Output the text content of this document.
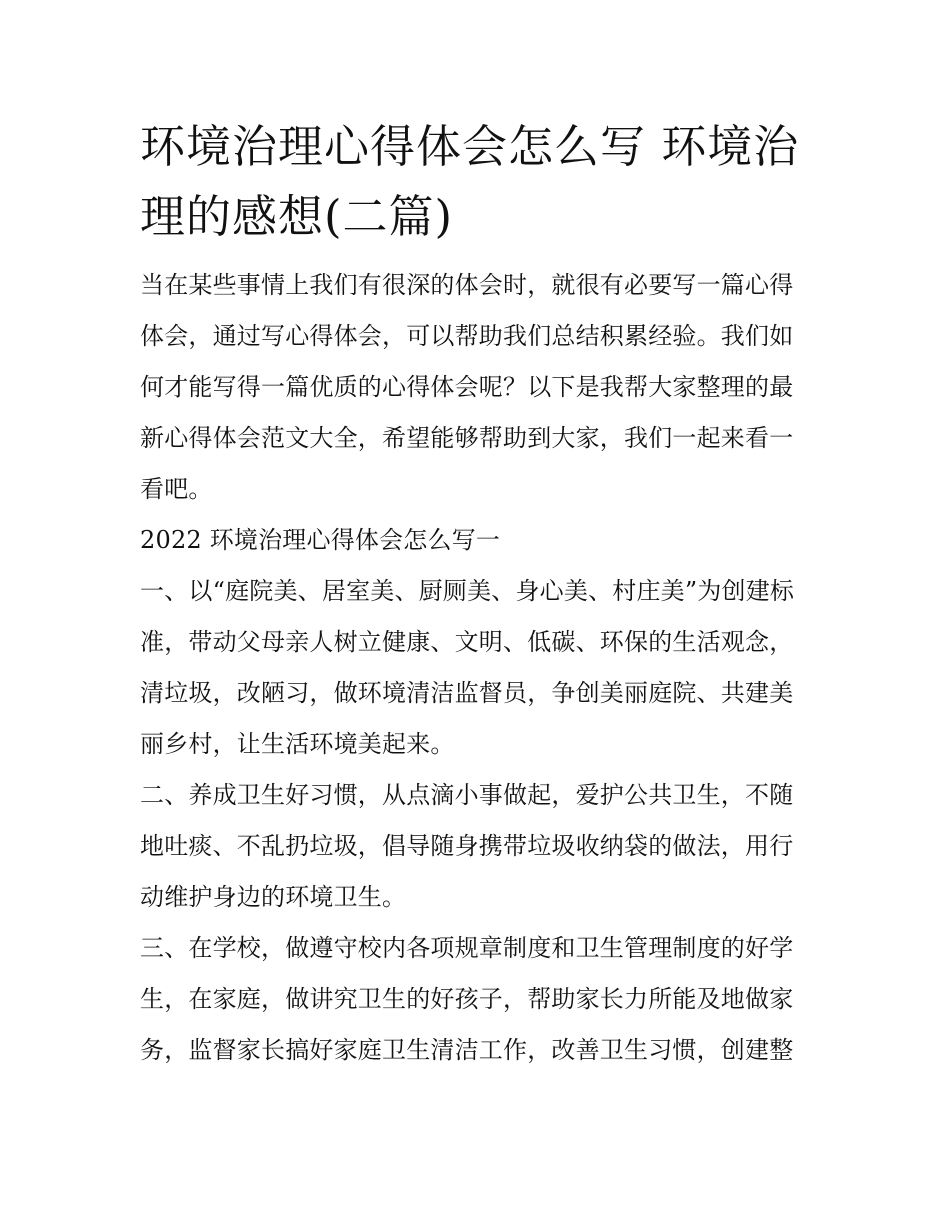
环境治理心得体会怎么写 环境治理的感想(二篇)

当在某些事情上我们有很深的体会时，就很有必要写一篇心得体会，通过写心得体会，可以帮助我们总结积累经验。我们如何才能写得一篇优质的心得体会呢？以下是我帮大家整理的最新心得体会范文大全，希望能够帮助到大家，我们一起来看一看吧。

2022 环境治理心得体会怎么写一

一、以“庭院美、居室美、厨厕美、身心美、村庄美”为创建标准，带动父母亲人树立健康、文明、低碳、环保的生活观念，清垃圾，改陋习，做环境清洁监督员，争创美丽庭院、共建美丽乡村，让生活环境美起来。

二、养成卫生好习惯，从点滴小事做起，爱护公共卫生，不随地吐痰、不乱扔垃圾，倡导随身携带垃圾收纳袋的做法，用行动维护身边的环境卫生。

三、在学校，做遵守校内各项规章制度和卫生管理制度的好学生，在家庭，做讲究卫生的好孩子，帮助家长力所能及地做家务，监督家长搞好家庭卫生清洁工作，改善卫生习惯，创建整
